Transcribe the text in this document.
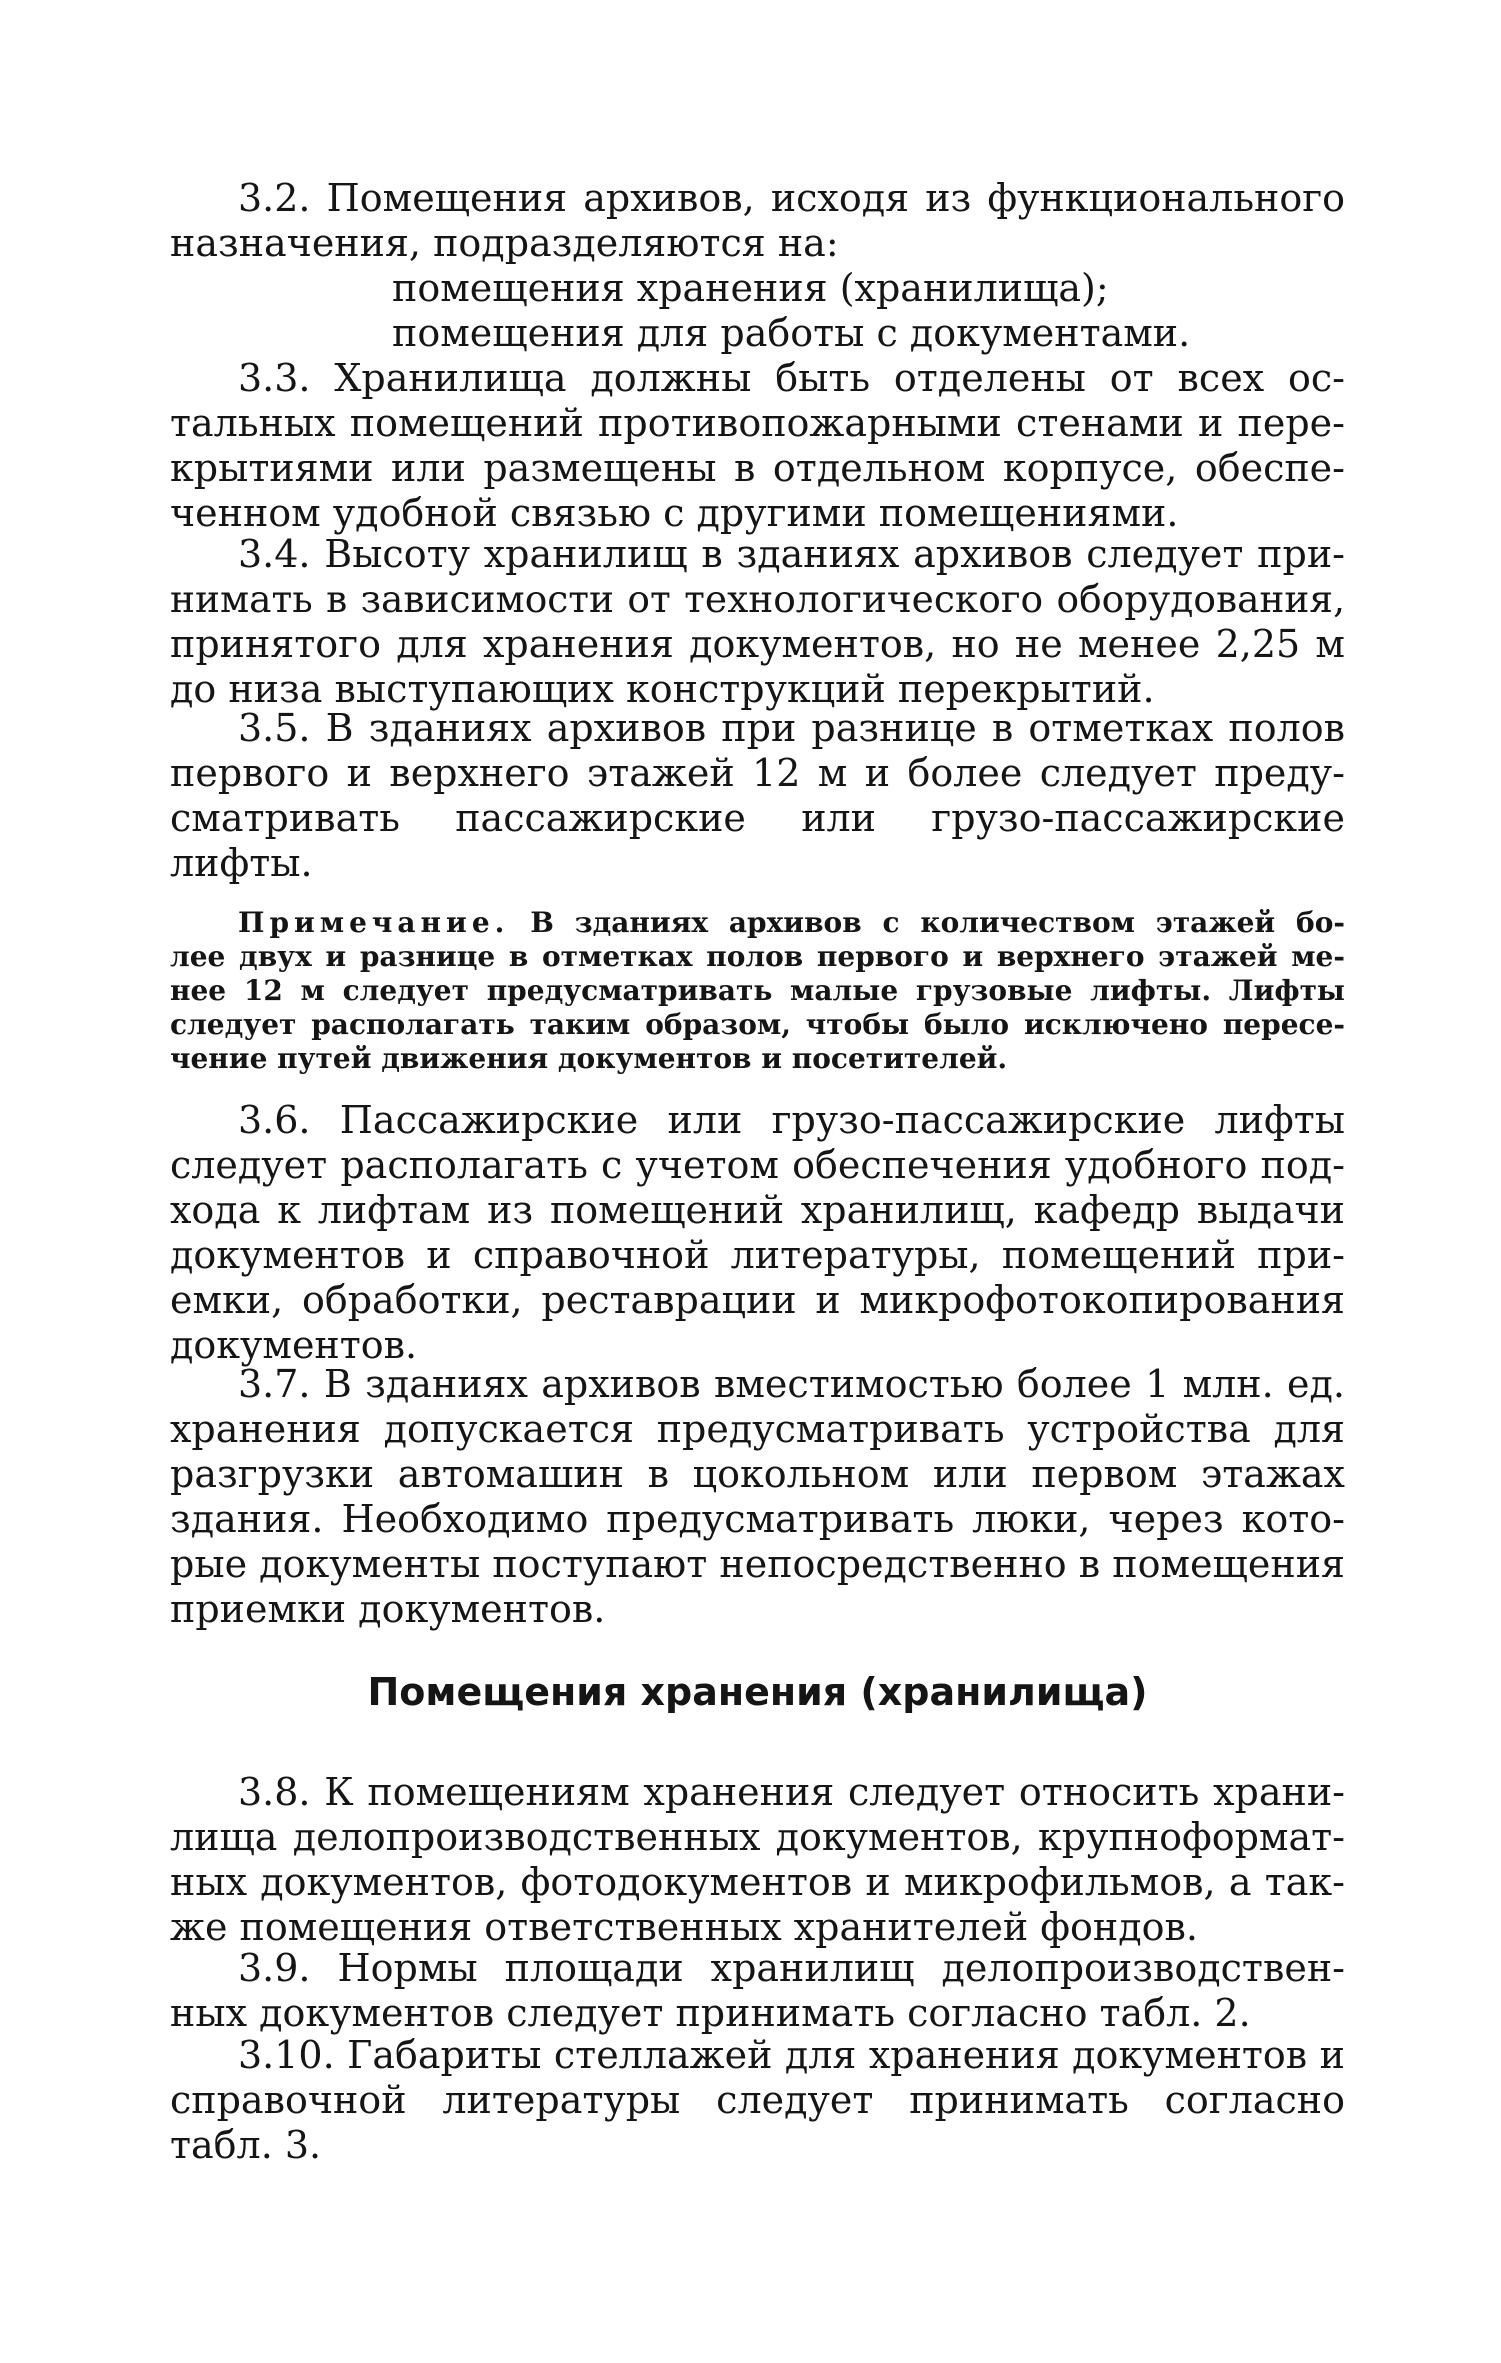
3.2. Помещения архивов, исходя из функционального
назначения, подразделяются на:
помещения хранения (хранилища);
помещения для работы с документами.
3.3. Хранилища должны быть отделены от всех ос-
тальных помещений противопожарными стенами и пере-
крытиями или размещены в отдельном корпусе, обеспе-
ченном удобной связью с другими помещениями.
3.4. Высоту хранилищ в зданиях архивов следует при-
нимать в зависимости от технологического оборудования,
принятого для хранения документов, но не менее 2,25 м
до низа выступающих конструкций перекрытий.
3.5. В зданиях архивов при разнице в отметках полов
первого и верхнего этажей 12 м и более следует преду-
сматривать пассажирские или грузо-пассажирские
лифты.
Примечание. В зданиях архивов с количеством этажей бо-
лее двух и разнице в отметках полов первого и верхнего этажей ме-
нее 12 м следует предусматривать малые грузовые лифты. Лифты
следует располагать таким образом, чтобы было исключено пересе-
чение путей движения документов и посетителей.
3.6. Пассажирские или грузо-пассажирские лифты
следует располагать с учетом обеспечения удобного под-
хода к лифтам из помещений хранилищ, кафедр выдачи
документов и справочной литературы, помещений при-
емки, обработки, реставрации и микрофотокопирования
документов.
3.7. В зданиях архивов вместимостью более 1 млн. ед.
хранения допускается предусматривать устройства для
разгрузки автомашин в цокольном или первом этажах
здания. Необходимо предусматривать люки, через кото-
рые документы поступают непосредственно в помещения
приемки документов.
Помещения хранения (хранилища)
3.8. К помещениям хранения следует относить храни-
лища делопроизводственных документов, крупноформат-
ных документов, фотодокументов и микрофильмов, а так-
же помещения ответственных хранителей фондов.
3.9. Нормы площади хранилищ делопроизводствен-
ных документов следует принимать согласно табл. 2.
3.10. Габариты стеллажей для хранения документов и
справочной литературы следует принимать согласно
табл. 3.
